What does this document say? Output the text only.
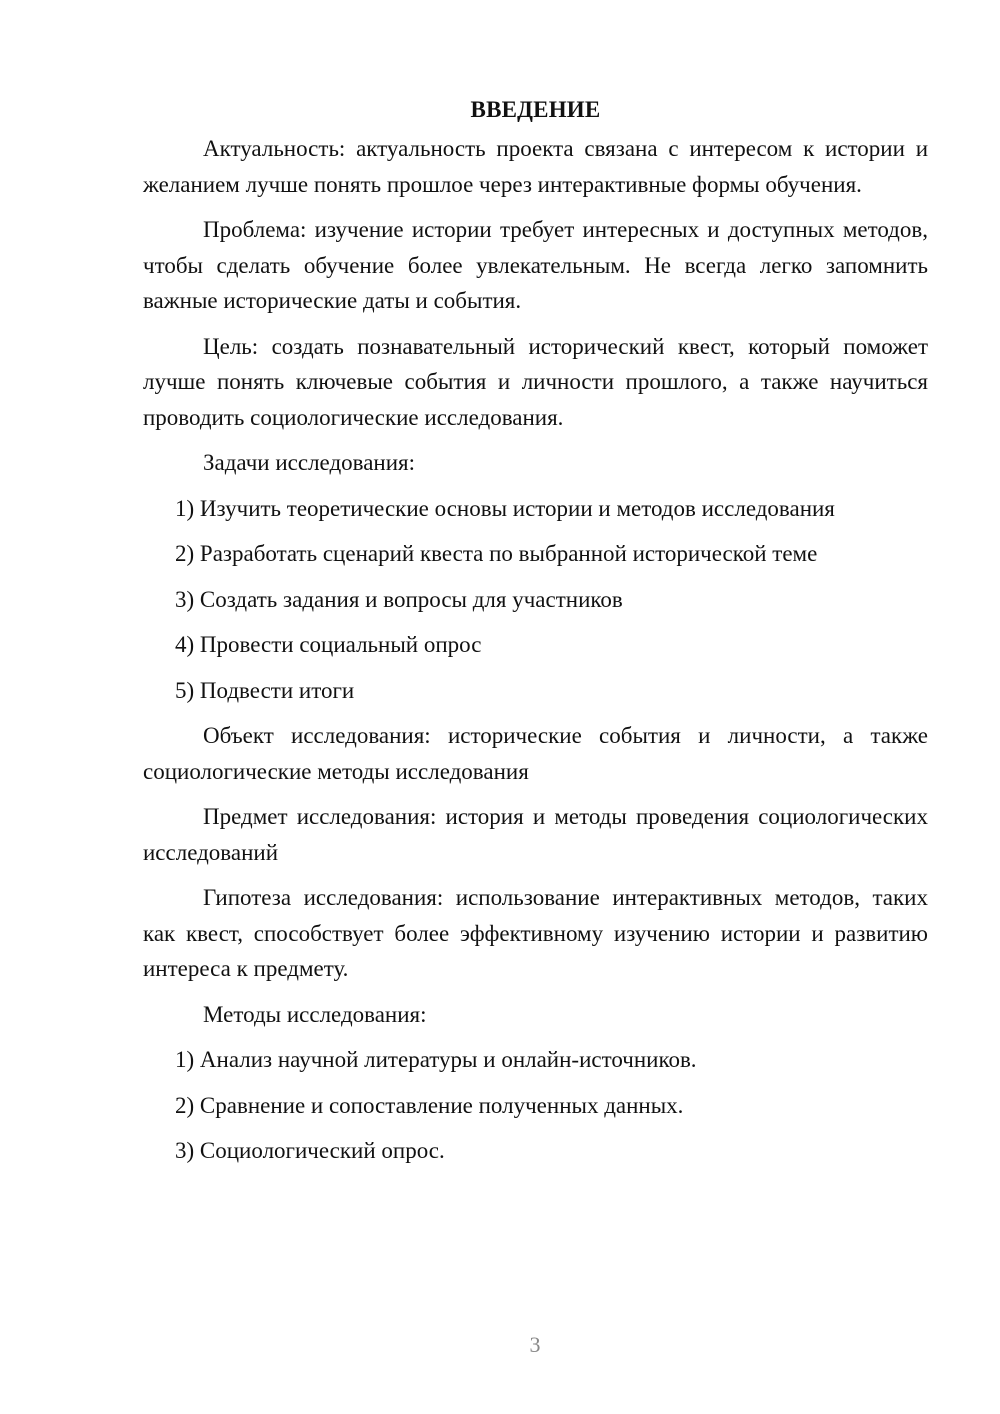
ВВЕДЕНИЕ

Актуальность: актуальность проекта связана с интересом к истории и желанием лучше понять прошлое через интерактивные формы обучения.

Проблема: изучение истории требует интересных и доступных методов, чтобы сделать обучение более увлекательным. Не всегда легко запомнить важные исторические даты и события.

Цель: создать познавательный исторический квест, который поможет лучше понять ключевые события и личности прошлого, а также научиться проводить социологические исследования.

Задачи исследования:

1) Изучить теоретические основы истории и методов исследования
2) Разработать сценарий квеста по выбранной исторической теме
3) Создать задания и вопросы для участников
4) Провести социальный опрос
5) Подвести итоги

Объект исследования: исторические события и личности, а также социологические методы исследования

Предмет исследования: история и методы проведения социологических исследований

Гипотеза исследования: использование интерактивных методов, таких как квест, способствует более эффективному изучению истории и развитию интереса к предмету.

Методы исследования:

1) Анализ научной литературы и онлайн-источников.
2) Сравнение и сопоставление полученных данных.
3) Социологический опрос.
3
